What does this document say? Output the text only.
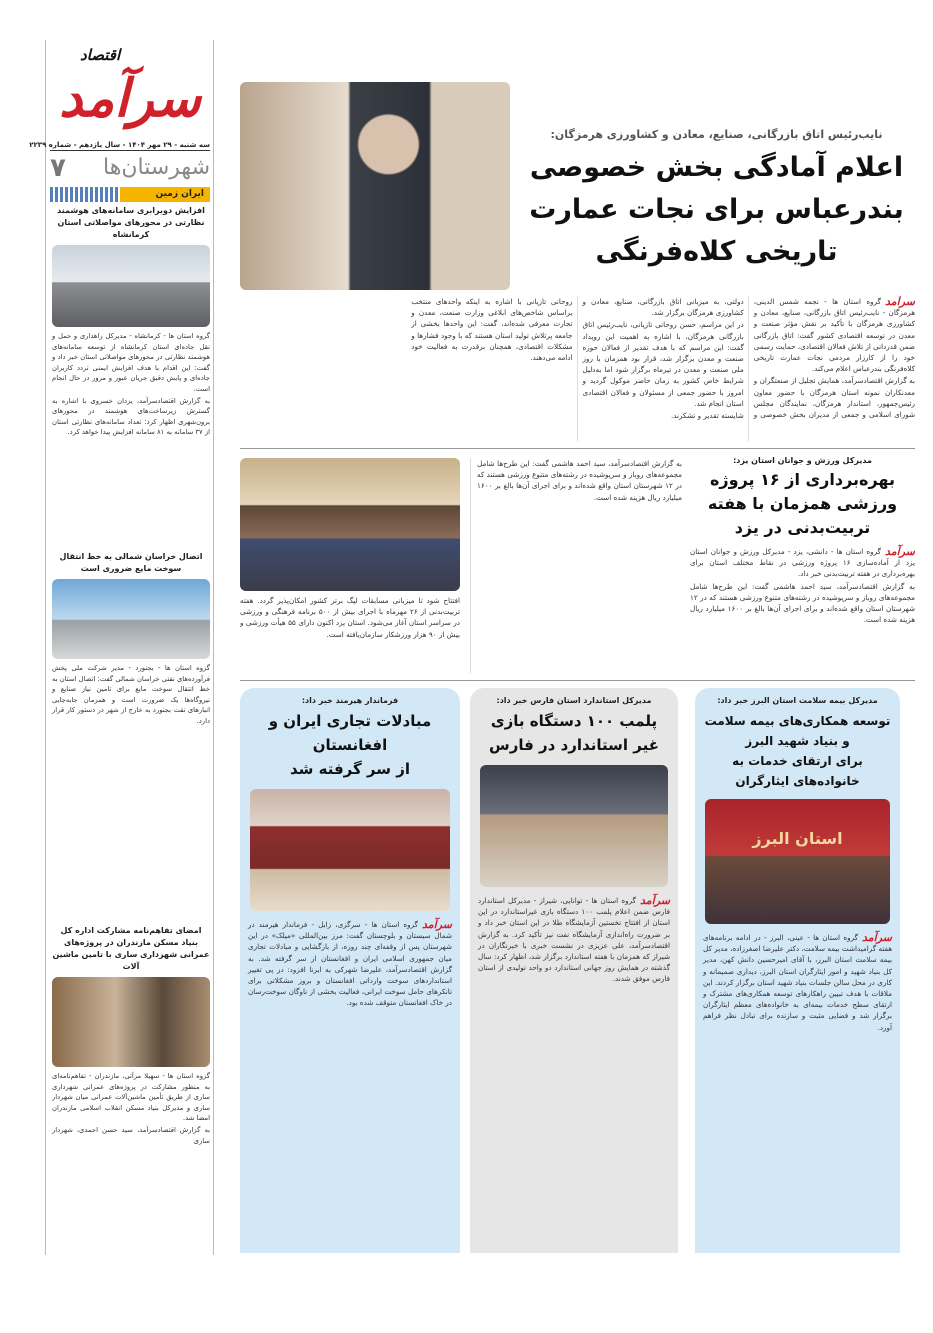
اقتصاد
سرآمد
سه شنبه - ۲۹ مهر ۱۴۰۴ - سال یازدهم - شماره ۲۲۳۹
شهرستان‌ها
۷
ایران زمین
افزایش دوبرابری سامانه‌های هوشمند نظارتی در محورهای مواصلاتی استان کرمانشاه

گروه استان ها - کرمانشاه - مدیرکل راهداری و حمل و نقل جاده‌ای استان کرمانشاه از توسعه سامانه‌های هوشمند نظارتی در محورهای مواصلاتی استان خبر داد و گفت: این اقدام با هدف افزایش ایمنی تردد کاربران جاده‌ای و پایش دقیق جریان عبور و مرور در حال انجام است.

به گزارش اقتصادسرآمد، یزدان خسروی با اشاره به گسترش زیرساخت‌های هوشمند در محورهای برون‌شهری اظهار کرد: تعداد سامانه‌های نظارتی استان از ۳۷ سامانه به ۸۱ سامانه افزایش پیدا خواهد کرد.

اتصال خراسان شمالی به خط انتقال سوخت مایع ضروری است

گروه استان ها - بجنورد - مدیر شرکت ملی پخش فرآورده‌های نفتی خراسان شمالی گفت: اتصال استان به خط انتقال سوخت مایع برای تامین نیاز صنایع و نیروگاه‌ها یک ضرورت است و همزمان جابه‌جایی انبارهای نفت بجنورد به خارج از شهر در دستور کار قرار دارد.

امضای تفاهم‌نامه مشارکت اداره کل بنیاد مسکن مازندران در پروژه‌های عمرانی شهرداری ساری با تامین ماشین آلات

گروه استان ها - سهیلا مرآتی، مازندران - تفاهم‌نامه‌ای به منظور مشارکت در پروژه‌های عمرانی شهرداری ساری از طریق تأمین ماشین‌آلات عمرانی میان شهردار ساری و مدیرکل بنیاد مسکن انقلاب اسلامی مازندران امضا شد.

به گزارش اقتصادسرآمد، سید حسن احمدی، شهردار ساری

نایب‌رئیس اتاق بازرگانی، صنایع، معادن و کشاورزی هرمزگان:
اعلام آمادگی بخش خصوصی
بندرعباس برای نجات عمارت
تاریخی کلاه‌فرنگی
سرآمد

گروه استان ها - نجمه شمس الدینی، هرمزگان - نایب‌رئیس اتاق بازرگانی، صنایع، معادن و کشاورزی هرمزگان با تأکید بر نقش مؤثر صنعت و معدن در توسعه اقتصادی کشور گفت: اتاق بازرگانی ضمن قدردانی از تلاش فعالان اقتصادی، حمایت رسمی خود را از کارزار مردمی نجات عمارت تاریخی کلاه‌فرنگی بندرعباس اعلام می‌کند.

به گزارش اقتصادسرآمد، همایش تجلیل از صنعتگران و معدنکاران نمونه استان هرمزگان با حضور معاون رئیس‌جمهور، استاندار هرمزگان، نمایندگان مجلس شورای اسلامی و جمعی از مدیران بخش خصوصی و دولتی، به میزبانی اتاق بازرگانی، صنایع، معادن و کشاورزی هرمزگان برگزار شد.

در این مراسم، حسن روحانی تازیانی، نایب‌رئیس اتاق بازرگانی هرمزگان، با اشاره به اهمیت این رویداد گفت: این مراسم که با هدف تقدیر از فعالان حوزه صنعت و معدن برگزار شد، قرار بود همزمان با روز ملی صنعت و معدن در تیرماه برگزار شود اما به‌دلیل شرایط خاص کشور به زمان حاضر موکول گردید و امروز با حضور جمعی از مسئولان و فعالان اقتصادی استان انجام شد.

شایسته تقدیر و تشکرند.

روحانی تازیانی با اشاره به اینکه واحدهای منتخب براساس شاخص‌های ابلاغی وزارت صنعت، معدن و تجارت معرفی شده‌اند، گفت: این واحدها بخشی از جامعه پرتلاش تولید استان هستند که با وجود فشارها و مشکلات اقتصادی، همچنان برقدرت به فعالیت خود ادامه می‌دهند.

مدیرکل ورزش و جوانان استان یزد:
بهره‌برداری از ۱۶ پروژه
ورزشی همزمان با هفته
تربیت‌بدنی در یزد
سرآمد

گروه استان ها - دانشی، یزد - مدیرکل ورزش و جوانان استان یزد از آماده‌سازی ۱۶ پروژه ورزشی در نقاط مختلف استان برای بهره‌برداری در هفته تربیت‌بدنی خبر داد.

به گزارش اقتصادسرآمد، سید احمد هاشمی گفت: این طرح‌ها شامل مجموعه‌های روباز و سرپوشیده در رشته‌های متنوع ورزشی هستند که در ۱۲ شهرستان استان واقع شده‌اند و برای اجرای آن‌ها بالغ بر ۱۶۰۰ میلیارد ریال هزینه شده است.

افتتاح شود تا میزبانی مسابقات لیگ برتر کشور امکان‌پذیر گردد. هفته تربیت‌بدنی از ۲۶ مهرماه با اجرای بیش از ۵۰۰ برنامه فرهنگی و ورزشی در سراسر استان آغاز می‌شود. استان یزد اکنون دارای ۵۵ هیأت ورزشی و بیش از ۹۰ هزار ورزشکار سازمان‌یافته است.

به گزارش اقتصادسرآمد، سید احمد هاشمی گفت: این طرح‌ها شامل مجموعه‌های روباز و سرپوشیده در رشته‌های متنوع ورزشی هستند که در ۱۲ شهرستان استان واقع شده‌اند و برای اجرای آن‌ها بالغ بر ۱۶۰۰ میلیارد ریال هزینه شده است.

مدیرکل بیمه سلامت استان البرز خبر داد:
توسعه همکاری‌های بیمه سلامت و بنیاد شهید البرز
برای ارتقای خدمات به خانواده‌های ایثارگران
استان البرز
سرآمد
گروه استان ها - عینی، البرز - در ادامه برنامه‌های هفته گرامیداشت بیمه سلامت، دکتر علیرضا اصغرزاده، مدیر کل بیمه سلامت استان البرز، با آقای امیرحسین دانش کهن، مدیر کل بنیاد شهید و امور ایثارگران استان البرز، دیداری صمیمانه و کاری در محل سالن جلسات بنیاد شهید استان برگزار کردند. این ملاقات با هدف تبیین راهکارهای توسعه همکاری‌های مشترک و ارتقای سطح خدمات بیمه‌ای به خانواده‌های معظم ایثارگران برگزار شد و فضایی مثبت و سازنده برای تبادل نظر فراهم آورد.
مدیرکل استاندارد استان فارس خبر داد:
پلمب ۱۰۰ دستگاه بازی
غیر استاندارد در فارس
سرآمد
گروه استان ها - توانایی، شیراز - مدیرکل استاندارد فارس ضمن اعلام پلمب ۱۰۰ دستگاه بازی غیراستاندارد در این استان از افتتاح نخستین آزمایشگاه طلا در این استان خبر داد و بر ضرورت راه‌اندازی آزمایشگاه نفت نیز تأکید کرد. به گزارش اقتصادسرآمد، علی عزیزی در نشست خبری با خبرنگاران در شیراز که همزمان با هفته استاندارد برگزار شد، اظهار کرد: سال گذشته در همایش روز جهانی استاندارد دو واحد تولیدی از استان فارس موفق شدند.
فرماندار هیرمند خبر داد:
مبادلات تجاری ایران و افغانستان
از سر گرفته شد
سرآمد
گروه استان ها - سرگزی، زابل - فرماندار هیرمند در شمال سیستان و بلوچستان گفت: مرز بین‌المللی «میلک» در این شهرستان پس از وقفه‌ای چند روزه، از بازگشایی و مبادلات تجاری میان جمهوری اسلامی ایران و افغانستان از سر گرفته شد. به گزارش اقتصادسرآمد، علیرضا شهرکی به ایرنا افزود: در پی تغییر استانداردهای سوخت وارداتی افغانستان و بروز مشکلاتی برای تانکرهای حامل سوخت ایرانی، فعالیت بخشی از ناوگان سوخت‌رسان در خاک افغانستان متوقف شده بود.
